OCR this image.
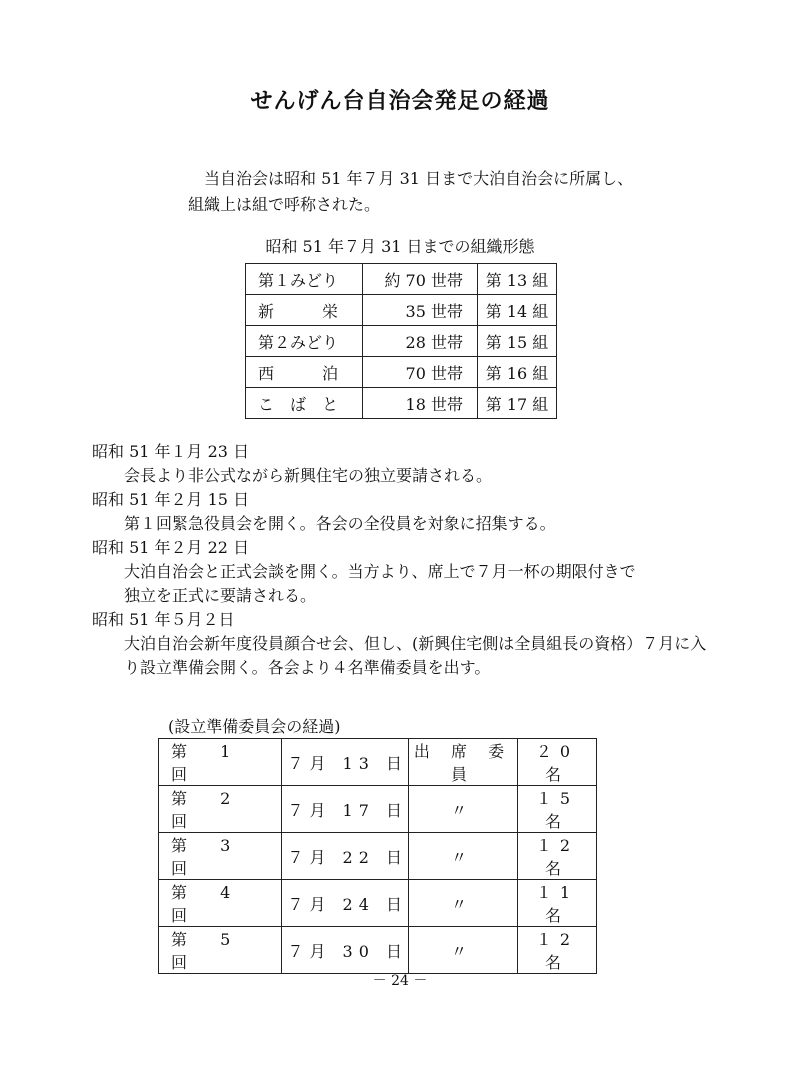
せんげん台自治会発足の経過
当自治会は昭和 51 年７月 31 日まで大泊自治会に所属し、
組織上は組で呼称された。
昭和 51 年７月 31 日までの組織形態
第１みどり	約 70 世帯	第 13 組
新　　　栄	35 世帯	第 14 組
第２みどり	28 世帯	第 15 組
西　　　泊	70 世帯	第 16 組
こ　ば　と	18 世帯	第 17 組
昭和 51 年１月 23 日
会長より非公式ながら新興住宅の独立要請される。
昭和 51 年２月 15 日
第１回緊急役員会を開く。各会の全役員を対象に招集する。
昭和 51 年２月 22 日
大泊自治会と正式会談を開く。当方より、席上で７月一杯の期限付きで
独立を正式に要請される。
昭和 51 年５月２日
大泊自治会新年度役員顔合せ会、但し、(新興住宅側は全員組長の資格）７月に入
り設立準備会開く。各会より４名準備委員を出す。
(設立準備委員会の経過)
第 1 回	７月 13 日	出 席 委 員	２0 名
第 2 回	７月 17 日	〃	１5 名
第 3 回	７月 22 日	〃	１2 名
第 4 回	７月 24 日	〃	１1 名
第 5 回	７月 30 日	〃	１2 名
－ 24 －
